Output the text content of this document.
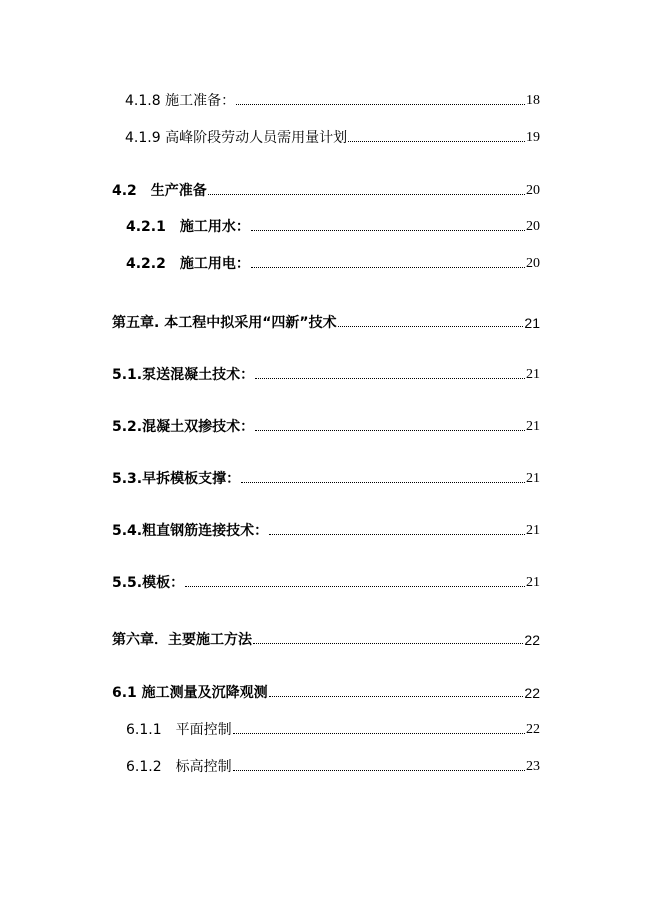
4.1.8 施工准备：	18
4.1.9 高峰阶段劳动人员需用量计划	19
4.2　生产准备	20
4.2.1　施工用水：	20
4.2.2　施工用电：	20
第五章. 本工程中拟采用“四新”技术	21
5.1.泵送混凝土技术：	21
5.2.混凝土双掺技术：	21
5.3.早拆模板支撑：	21
5.4.粗直钢筋连接技术：	21
5.5.模板：	21
第六章．主要施工方法	22
6.1 施工测量及沉降观测	22
6.1.1　平面控制	22
6.1.2　标高控制	23
